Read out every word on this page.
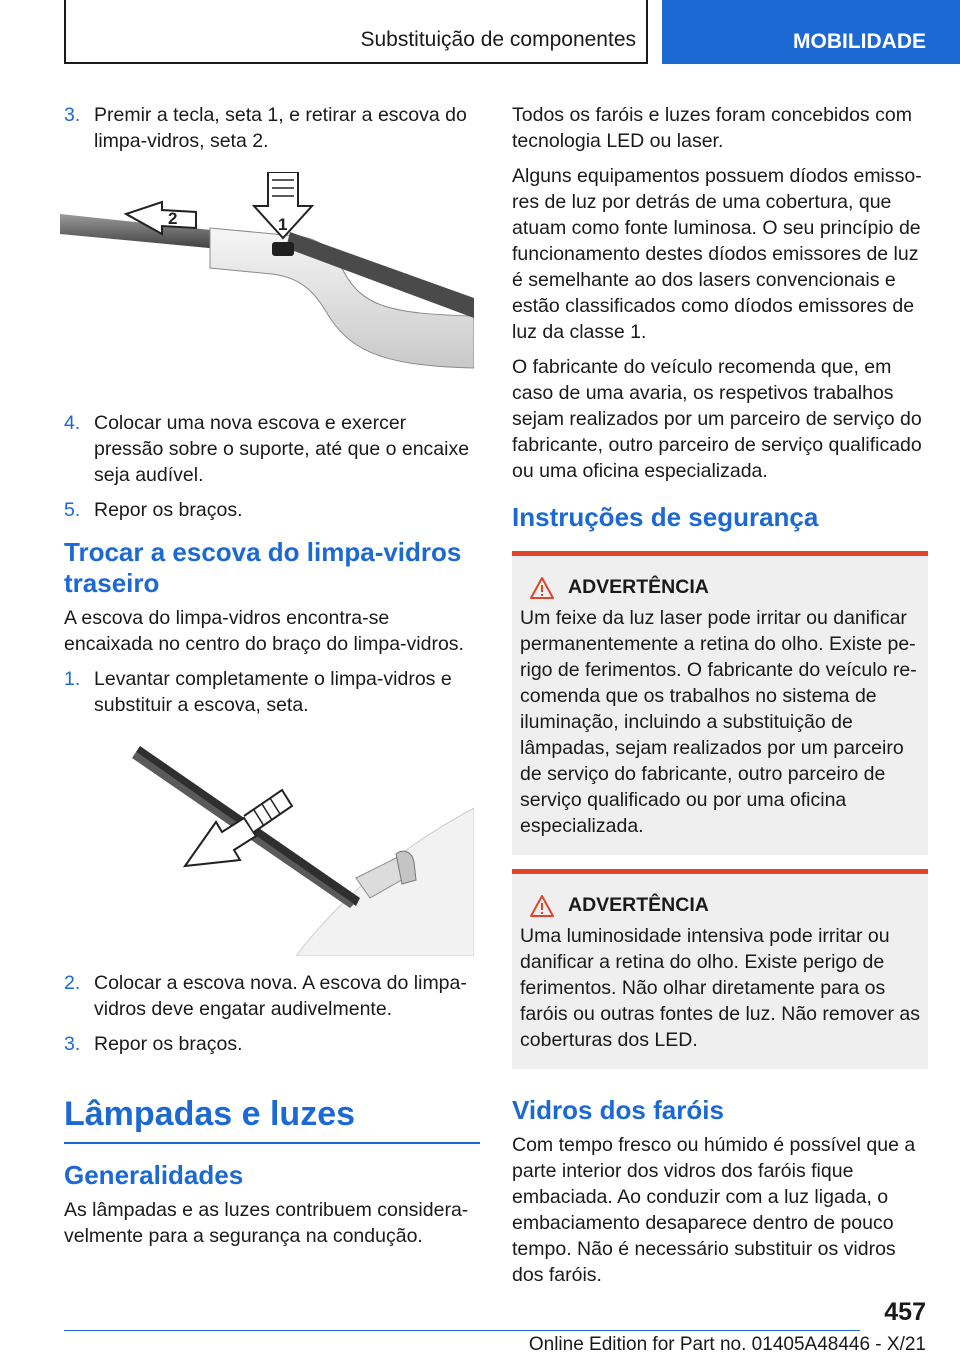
Substituição de componentes	MOBILIDADE
3. Premir a tecla, seta 1, e retirar a escova do limpa-vidros, seta 2.
2	1
4. Colocar uma nova escova e exercer pressão sobre o suporte, até que o encaixe seja audível.
5. Repor os braços.
Trocar a escova do limpa-vidros traseiro
A escova do limpa-vidros encontra-se encaixada no centro do braço do limpa-vidros.
1. Levantar completamente o limpa-vidros e substituir a escova, seta.
2. Colocar a escova nova. A escova do limpa-vidros deve engatar audivelmente.
3. Repor os braços.
Lâmpadas e luzes
Generalidades
As lâmpadas e as luzes contribuem consideravelmente para a segurança na condução.
Todos os faróis e luzes foram concebidos com tecnologia LED ou laser.
Alguns equipamentos possuem díodos emissores de luz por detrás de uma cobertura, que atuam como fonte luminosa. O seu princípio de funcionamento destes díodos emissores de luz é semelhante ao dos lasers convencionais e estão classificados como díodos emissores de luz da classe 1.
O fabricante do veículo recomenda que, em caso de uma avaria, os respetivos trabalhos sejam realizados por um parceiro de serviço do fabricante, outro parceiro de serviço qualificado ou uma oficina especializada.
Instruções de segurança
ADVERTÊNCIA
Um feixe da luz laser pode irritar ou danificar permanentemente a retina do olho. Existe perigo de ferimentos. O fabricante do veículo recomenda que os trabalhos no sistema de iluminação, incluindo a substituição de lâmpadas, sejam realizados por um parceiro de serviço do fabricante, outro parceiro de serviço qualificado ou por uma oficina especializada.
ADVERTÊNCIA
Uma luminosidade intensiva pode irritar ou danificar a retina do olho. Existe perigo de ferimentos. Não olhar diretamente para os faróis ou outras fontes de luz. Não remover as coberturas dos LED.
Vidros dos faróis
Com tempo fresco ou húmido é possível que a parte interior dos vidros dos faróis fique embaciada. Ao conduzir com a luz ligada, o embaciamento desaparece dentro de pouco tempo. Não é necessário substituir os vidros dos faróis.
457
Online Edition for Part no. 01405A48446 - X/21
